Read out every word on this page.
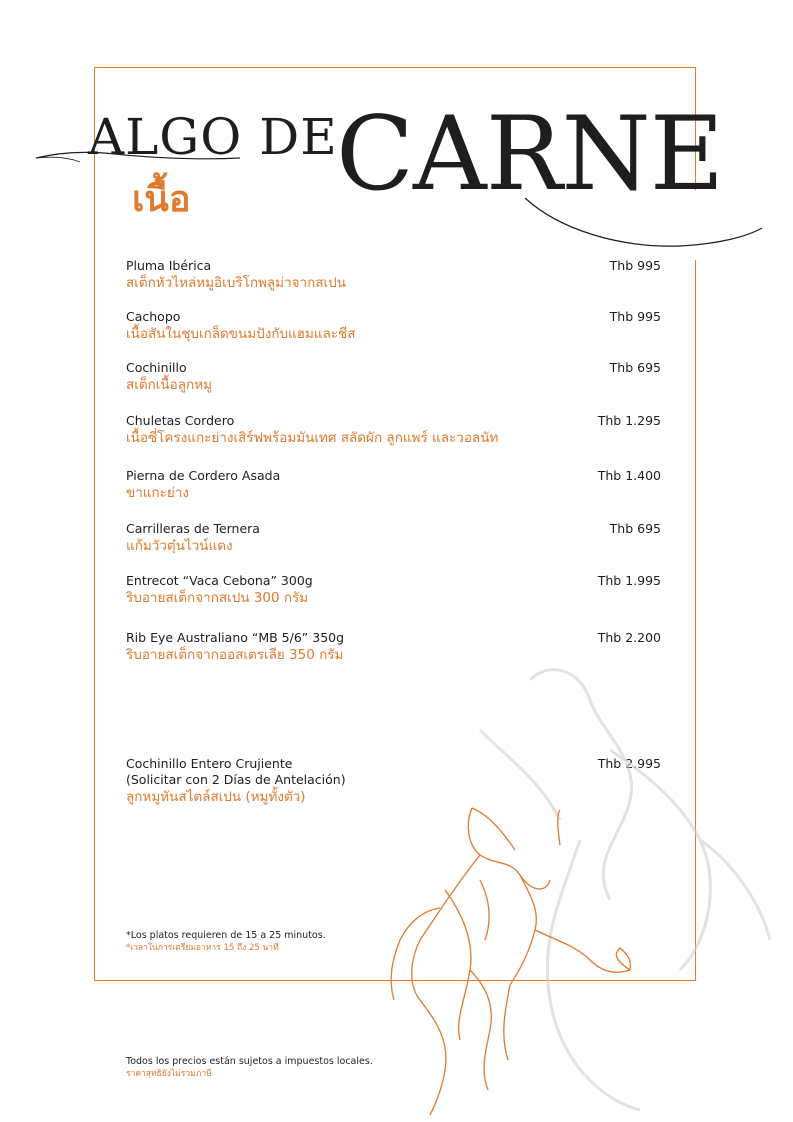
ALGO DE
CARNE
เนื้อ
Pluma Ibérica
สเต็กหัวไหล่หมูอิเบริโกพลูม่าจากสเปน
Thb 995
Cachopo
เนื้อสันในชุบเกล็ดขนมปังกับแฮมและชีส
Thb 995
Cochinillo
สเต็กเนื้อลูกหมู
Thb 695
Chuletas Cordero
เนื้อซี่โครงแกะย่างเสิร์ฟพร้อมมันเทศ สลัดผัก ลูกแพร์ และวอลนัท
Thb 1.295
Pierna de Cordero Asada
ขาแกะย่าง
Thb 1.400
Carrilleras de Ternera
แก้มวัวตุ๋นไวน์แดง
Thb 695
Entrecot “Vaca Cebona” 300g
ริบอายสเต็กจากสเปน 300 กรัม
Thb 1.995
Rib Eye Australiano “MB 5/6” 350g
ริบอายสเต็กจากออสเตรเลีย 350 กรัม
Thb 2.200
Cochinillo Entero Crujiente
(Solicitar con 2 Días de Antelación)
ลูกหมูหันสไตล์สเปน (หมูทั้งตัว)
Thb 2.995
*Los platos requieren de 15 a 25 minutos.
*เวลาในการเตรียมอาหาร 15 ถึง 25 นาที
Todos los precios están sujetos a impuestos locales.
ราคาสุทธิยังไม่รวมภาษี
